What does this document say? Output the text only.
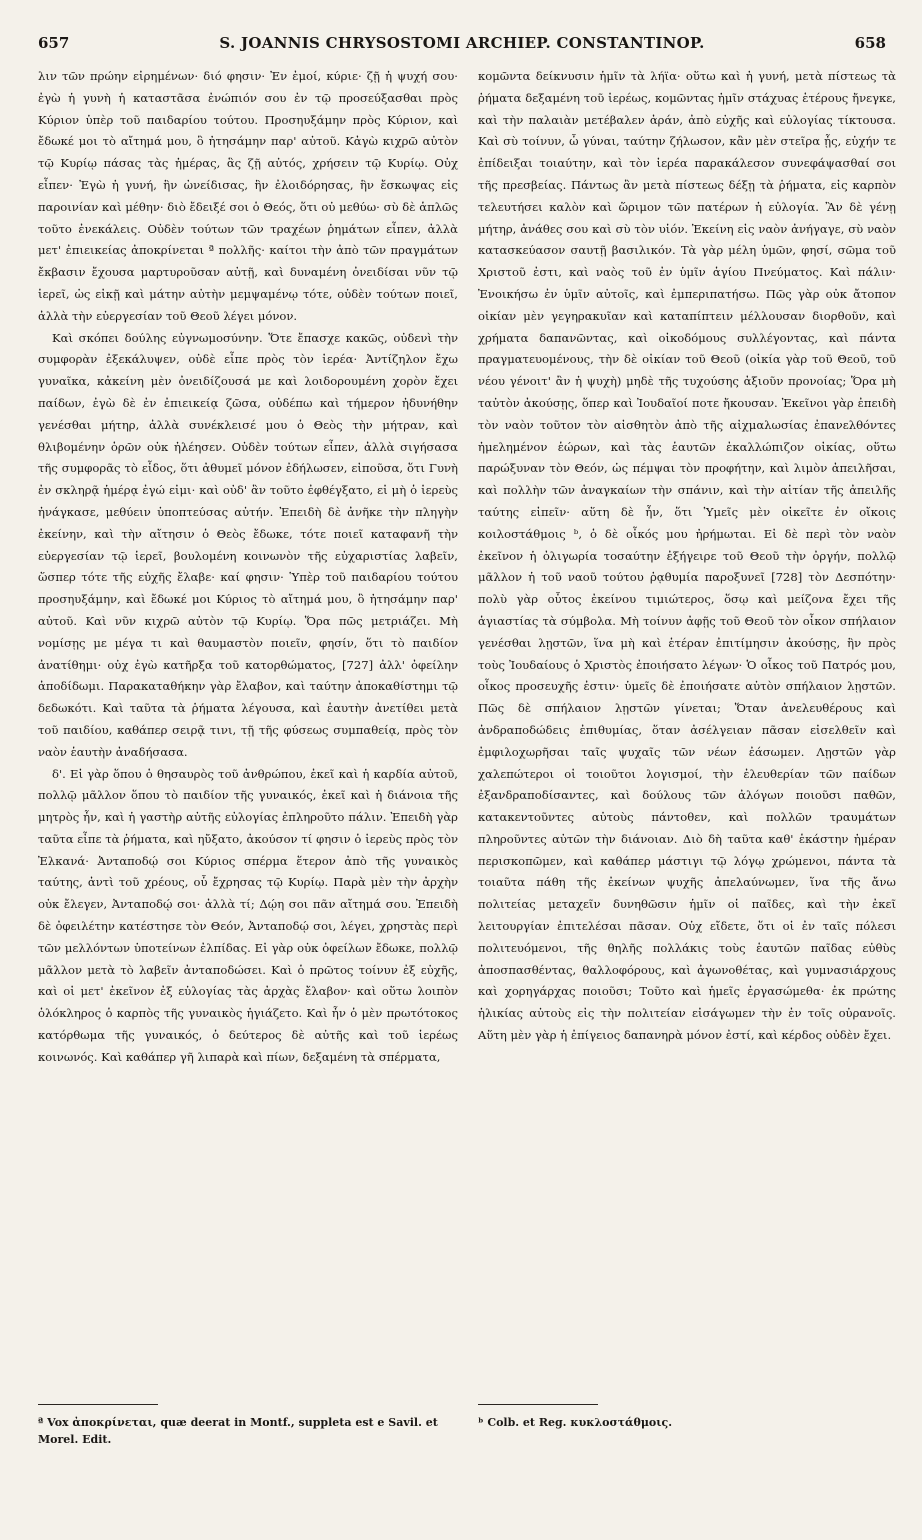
657	S. JOANNIS CHRYSOSTOMI ARCHIEP. CONSTANTINOP.	658

λιν τῶν πρώην εἰρημένων· διό φησιν· Ἐν ἐμοί, κύριε· ζῇ ἡ ψυχή σου· ἐγὼ ἡ γυνὴ ἡ καταστᾶσα ἐνώπιόν σου ἐν τῷ προσεύξασθαι πρὸς Κύριον ὑπὲρ τοῦ παιδαρίου τούτου. Προσηυξάμην πρὸς Κύριον, καὶ ἔδωκέ μοι τὸ αἴτημά μου, ὃ ἠτησάμην παρ' αὐτοῦ. Κἀγὼ κιχρῶ αὐτὸν τῷ Κυρίῳ πάσας τὰς ἡμέρας, ἃς ζῇ αὐτός, χρήσειν τῷ Κυρίῳ. Οὐχ εἶπεν· Ἐγὼ ἡ γυνή, ἣν ὠνείδισας, ἣν ἐλοιδόρησας, ἣν ἔσκωψας εἰς παροινίαν καὶ μέθην· διὸ ἔδειξέ σοι ὁ Θεός, ὅτι οὐ μεθύω· σὺ δὲ ἁπλῶς τοῦτο ἐνεκάλεις. Οὐδὲν τούτων τῶν τραχέων ῥημάτων εἶπεν, ἀλλὰ μετ' ἐπιεικείας ἀποκρίνεται ª πολλῆς· καίτοι τὴν ἀπὸ τῶν πραγμάτων ἔκβασιν ἔχουσα μαρτυροῦσαν αὐτῇ, καὶ δυναμένη ὀνειδίσαι νῦν τῷ ἱερεῖ, ὡς εἰκῇ καὶ μάτην αὐτὴν μεμψαμένῳ τότε, οὐδὲν τούτων ποιεῖ, ἀλλὰ τὴν εὐεργεσίαν τοῦ Θεοῦ λέγει μόνον.

Καὶ σκόπει δούλης εὐγνωμοσύνην. Ὅτε ἔπασχε κακῶς, οὐδενὶ τὴν συμφορὰν ἐξεκάλυψεν, οὐδὲ εἶπε πρὸς τὸν ἱερέα· Ἀντίζηλον ἔχω γυναῖκα, κἀκείνη μὲν ὀνειδίζουσά με καὶ λοιδορουμένη χορὸν ἔχει παίδων, ἐγὼ δὲ ἐν ἐπιεικείᾳ ζῶσα, οὐδέπω καὶ τήμερον ἠδυνήθην γενέσθαι μήτηρ, ἀλλὰ συνέκλεισέ μου ὁ Θεὸς τὴν μήτραν, καὶ θλιβομένην ὁρῶν οὐκ ἠλέησεν. Οὐδὲν τούτων εἶπεν, ἀλλὰ σιγήσασα τῆς συμφορᾶς τὸ εἶδος, ὅτι ἀθυμεῖ μόνον ἐδήλωσεν, εἰποῦσα, ὅτι Γυνὴ ἐν σκληρᾷ ἡμέρᾳ ἐγώ εἰμι· καὶ οὐδ' ἂν τοῦτο ἐφθέγξατο, εἰ μὴ ὁ ἱερεὺς ἠνάγκασε, μεθύειν ὑποπτεύσας αὐτήν. Ἐπειδὴ δὲ ἀνῆκε τὴν πληγὴν ἐκείνην, καὶ τὴν αἴτησιν ὁ Θεὸς ἔδωκε, τότε ποιεῖ καταφανῆ τὴν εὐεργεσίαν τῷ ἱερεῖ, βουλομένη κοινωνὸν τῆς εὐχαριστίας λαβεῖν, ὥσπερ τότε τῆς εὐχῆς ἔλαβε· καί φησιν· Ὑπὲρ τοῦ παιδαρίου τούτου προσηυξάμην, καὶ ἔδωκέ μοι Κύριος τὸ αἴτημά μου, ὃ ἠτησάμην παρ' αὐτοῦ. Καὶ νῦν κιχρῶ αὐτὸν τῷ Κυρίῳ. Ὅρα πῶς μετριάζει. Μὴ νομίσῃς με μέγα τι καὶ θαυμαστὸν ποιεῖν, φησίν, ὅτι τὸ παιδίον ἀνατίθημι· οὐχ ἐγὼ κατῆρξα τοῦ κατορθώματος, [727] ἀλλ' ὀφείλην ἀποδίδωμι. Παρακαταθήκην γὰρ ἔλαβον, καὶ ταύτην ἀποκαθίστημι τῷ δεδωκότι. Καὶ ταῦτα τὰ ῥήματα λέγουσα, καὶ ἑαυτὴν ἀνετίθει μετὰ τοῦ παιδίου, καθάπερ σειρᾷ τινι, τῇ τῆς φύσεως συμπαθείᾳ, πρὸς τὸν ναὸν ἑαυτὴν ἀναδήσασα.

δ'. Εἰ γὰρ ὅπου ὁ θησαυρὸς τοῦ ἀνθρώπου, ἐκεῖ καὶ ἡ καρδία αὐτοῦ, πολλῷ μᾶλλον ὅπου τὸ παιδίον τῆς γυναικός, ἐκεῖ καὶ ἡ διάνοια τῆς μητρὸς ἦν, καὶ ἡ γαστὴρ αὐτῆς εὐλογίας ἐπληροῦτο πάλιν. Ἐπειδὴ γὰρ ταῦτα εἶπε τὰ ῥήματα, καὶ ηὔξατο, ἀκούσον τί φησιν ὁ ἱερεὺς πρὸς τὸν Ἐλκανά· Ἀνταποδῴ σοι Κύριος σπέρμα ἕτερον ἀπὸ τῆς γυναικὸς ταύτης, ἀντὶ τοῦ χρέους, οὗ ἔχρησας τῷ Κυρίῳ. Παρὰ μὲν τὴν ἀρχὴν οὐκ ἔλεγεν, Ἀνταποδῴ σοι· ἀλλὰ τί; Δῴη σοι πᾶν αἴτημά σου. Ἐπειδὴ δὲ ὀφειλέτην κατέστησε τὸν Θεόν, Ἀνταποδῴ σοι, λέγει, χρηστὰς περὶ τῶν μελλόντων ὑποτείνων ἐλπίδας. Εἰ γὰρ οὐκ ὀφείλων ἔδωκε, πολλῷ μᾶλλον μετὰ τὸ λαβεῖν ἀνταποδώσει. Καὶ ὁ πρῶτος τοίνυν ἐξ εὐχῆς, καὶ οἱ μετ' ἐκεῖνον ἐξ εὐλογίας τὰς ἀρχὰς ἔλαβον· καὶ οὕτω λοιπὸν ὁλόκληρος ὁ καρπὸς τῆς γυναικὸς ἡγιάζετο. Καὶ ἦν ὁ μὲν πρωτότοκος κατόρθωμα τῆς γυναικός, ὁ δεύτερος δὲ αὐτῆς καὶ τοῦ ἱερέως κοινωνός. Καὶ καθάπερ γῆ λιπαρὰ καὶ πίων, δεξαμένη τὰ σπέρματα,

κομῶντα δείκνυσιν ἡμῖν τὰ λήϊα· οὕτω καὶ ἡ γυνή, μετὰ πίστεως τὰ ῥήματα δεξαμένη τοῦ ἱερέως, κομῶντας ἡμῖν στάχυας ἑτέρους ἤνεγκε, καὶ τὴν παλαιὰν μετέβαλεν ἀράν, ἀπὸ εὐχῆς καὶ εὐλογίας τίκτουσα. Καὶ σὺ τοίνυν, ὦ γύναι, ταύτην ζήλωσον, κἂν μὲν στεῖρα ᾖς, εὐχήν τε ἐπίδειξαι τοιαύτην, καὶ τὸν ἱερέα παρακάλεσον συνεφάψασθαί σοι τῆς πρεσβείας. Πάντως ἂν μετὰ πίστεως δέξῃ τὰ ῥήματα, εἰς καρπὸν τελευτήσει καλὸν καὶ ὥριμον τῶν πατέρων ἡ εὐλογία. Ἂν δὲ γένῃ μήτηρ, ἀνάθες σου καὶ σὺ τὸν υἱόν. Ἐκείνη εἰς ναὸν ἀνήγαγε, σὺ ναὸν κατασκεύασον σαυτῇ βασιλικόν. Τὰ γὰρ μέλη ὑμῶν, φησί, σῶμα τοῦ Χριστοῦ ἐστι, καὶ ναὸς τοῦ ἐν ὑμῖν ἁγίου Πνεύματος. Καὶ πάλιν· Ἐνοικήσω ἐν ὑμῖν αὐτοῖς, καὶ ἐμπεριπατήσω. Πῶς γὰρ οὐκ ἄτοπον οἰκίαν μὲν γεγηρακυῖαν καὶ καταπίπτειν μέλλουσαν διορθοῦν, καὶ χρήματα δαπανῶντας, καὶ οἰκοδόμους συλλέγοντας, καὶ πάντα πραγματευομένους, τὴν δὲ οἰκίαν τοῦ Θεοῦ (οἰκία γὰρ τοῦ Θεοῦ, τοῦ νέου γένοιτ' ἂν ἡ ψυχὴ) μηδὲ τῆς τυχούσης ἀξιοῦν προνοίας; Ὅρα μὴ ταὐτὸν ἀκούσῃς, ὅπερ καὶ Ἰουδαῖοί ποτε ἤκουσαν. Ἐκεῖνοι γὰρ ἐπειδὴ τὸν ναὸν τοῦτον τὸν αἰσθητὸν ἀπὸ τῆς αἰχμαλωσίας ἐπανελθόντες ἠμελημένον ἑώρων, καὶ τὰς ἑαυτῶν ἐκαλλώπιζον οἰκίας, οὕτω παρώξυναν τὸν Θεόν, ὡς πέμψαι τὸν προφήτην, καὶ λιμὸν ἀπειλῆσαι, καὶ πολλὴν τῶν ἀναγκαίων τὴν σπάνιν, καὶ τὴν αἰτίαν τῆς ἀπειλῆς ταύτης εἰπεῖν· αὕτη δὲ ἦν, ὅτι Ὑμεῖς μὲν οἰκεῖτε ἐν οἴκοις κοιλοστάθμοις ᵇ, ὁ δὲ οἶκός μου ἠρήμωται. Εἰ δὲ περὶ τὸν ναὸν ἐκεῖνον ἡ ὀλιγωρία τοσαύτην ἐξήγειρε τοῦ Θεοῦ τὴν ὀργήν, πολλῷ μᾶλλον ἡ τοῦ ναοῦ τούτου ῥᾳθυμία παροξυνεῖ [728] τὸν Δεσπότην· πολὺ γὰρ οὗτος ἐκείνου τιμιώτερος, ὅσῳ καὶ μείζονα ἔχει τῆς ἁγιαστίας τὰ σύμβολα. Μὴ τοίνυν ἀφῇς τοῦ Θεοῦ τὸν οἶκον σπήλαιον γενέσθαι λῃστῶν, ἵνα μὴ καὶ ἑτέραν ἐπιτίμησιν ἀκούσῃς, ἣν πρὸς τοὺς Ἰουδαίους ὁ Χριστὸς ἐποιήσατο λέγων· Ὁ οἶκος τοῦ Πατρός μου, οἶκος προσευχῆς ἐστιν· ὑμεῖς δὲ ἐποιήσατε αὐτὸν σπήλαιον λῃστῶν. Πῶς δὲ σπήλαιον λῃστῶν γίνεται; Ὅταν ἀνελευθέρους καὶ ἀνδραποδώδεις ἐπιθυμίας, ὅταν ἀσέλγειαν πᾶσαν εἰσελθεῖν καὶ ἐμφιλοχωρῆσαι ταῖς ψυχαῖς τῶν νέων ἐάσωμεν. Λῃστῶν γὰρ χαλεπώτεροι οἱ τοιοῦτοι λογισμοί, τὴν ἐλευθερίαν τῶν παίδων ἐξανδραποδίσαντες, καὶ δούλους τῶν ἀλόγων ποιοῦσι παθῶν, κατακεντοῦντες αὐτοὺς πάντοθεν, καὶ πολλῶν τραυμάτων πληροῦντες αὐτῶν τὴν διάνοιαν. Διὸ δὴ ταῦτα καθ' ἑκάστην ἡμέραν περισκοπῶμεν, καὶ καθάπερ μάστιγι τῷ λόγῳ χρώμενοι, πάντα τὰ τοιαῦτα πάθη τῆς ἐκείνων ψυχῆς ἀπελαύνωμεν, ἵνα τῆς ἄνω πολιτείας μεταχεῖν δυνηθῶσιν ἡμῖν οἱ παῖδες, καὶ τὴν ἐκεῖ λειτουργίαν ἐπιτελέσαι πᾶσαν. Οὐχ εἴδετε, ὅτι οἱ ἐν ταῖς πόλεσι πολιτευόμενοι, τῆς θηλῆς πολλάκις τοὺς ἑαυτῶν παῖδας εὐθὺς ἀποσπασθέντας, θαλλοφόρους, καὶ ἀγωνοθέτας, καὶ γυμνασιάρχους καὶ χορηγάρχας ποιοῦσι; Τοῦτο καὶ ἡμεῖς ἐργασώμεθα· ἐκ πρώτης ἡλικίας αὐτοὺς εἰς τὴν πολιτείαν εἰσάγωμεν τὴν ἐν τοῖς οὐρανοῖς. Αὕτη μὲν γὰρ ἡ ἐπίγειος δαπανηρὰ μόνον ἐστί, καὶ κέρδος οὐδὲν ἔχει.

ª Vox ἀποκρίνεται, quæ deerat in Montf., suppleta est e Savil. et Morel. Edit.
ᵇ Colb. et Reg. κυκλοστάθμοις.
